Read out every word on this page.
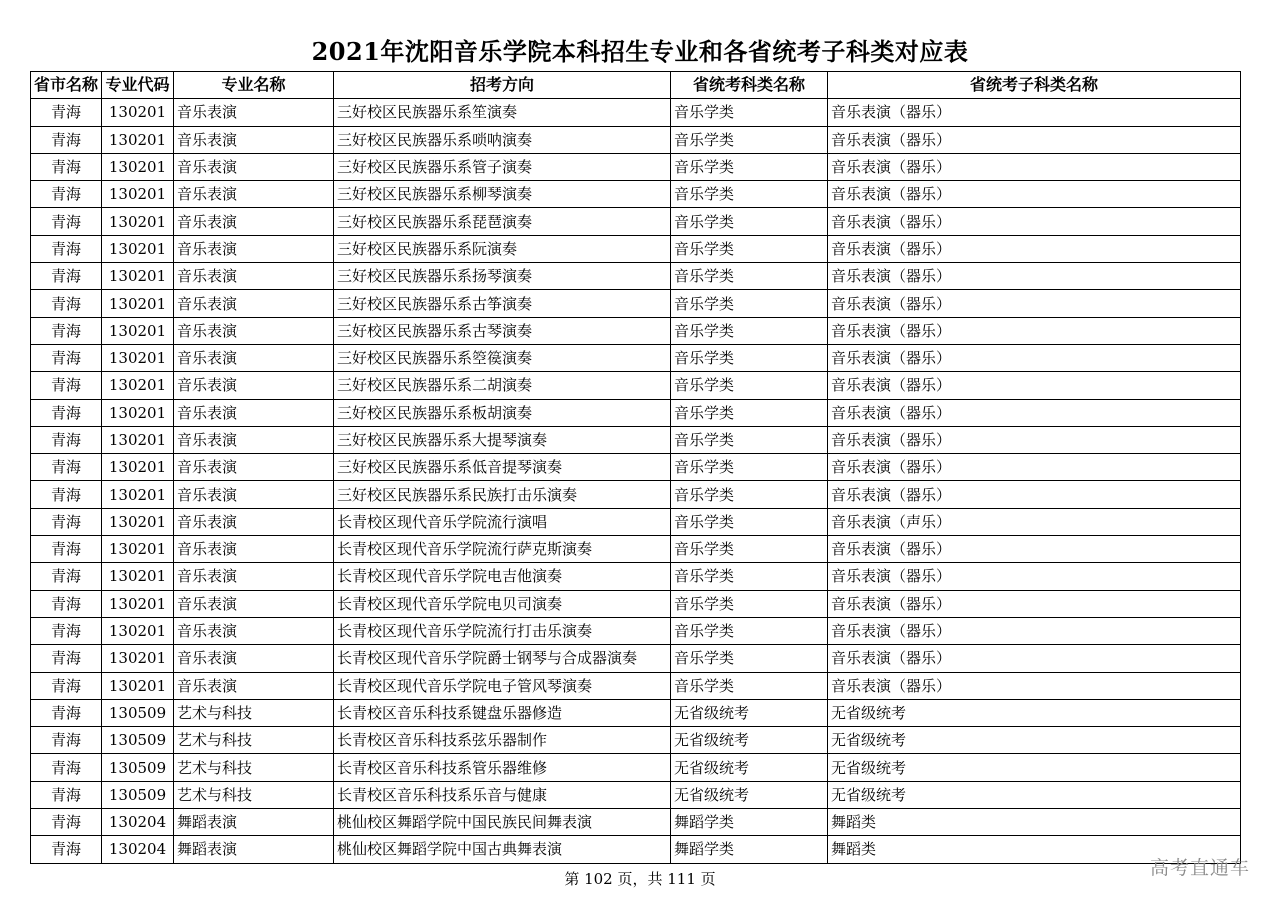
2021年沈阳音乐学院本科招生专业和各省统考子科类对应表
省市名称	专业代码	专业名称	招考方向	省统考科类名称	省统考子科类名称
青海	130201	音乐表演	三好校区民族器乐系笙演奏	音乐学类	音乐表演（器乐）
青海	130201	音乐表演	三好校区民族器乐系唢呐演奏	音乐学类	音乐表演（器乐）
青海	130201	音乐表演	三好校区民族器乐系管子演奏	音乐学类	音乐表演（器乐）
青海	130201	音乐表演	三好校区民族器乐系柳琴演奏	音乐学类	音乐表演（器乐）
青海	130201	音乐表演	三好校区民族器乐系琵琶演奏	音乐学类	音乐表演（器乐）
青海	130201	音乐表演	三好校区民族器乐系阮演奏	音乐学类	音乐表演（器乐）
青海	130201	音乐表演	三好校区民族器乐系扬琴演奏	音乐学类	音乐表演（器乐）
青海	130201	音乐表演	三好校区民族器乐系古筝演奏	音乐学类	音乐表演（器乐）
青海	130201	音乐表演	三好校区民族器乐系古琴演奏	音乐学类	音乐表演（器乐）
青海	130201	音乐表演	三好校区民族器乐系箜篌演奏	音乐学类	音乐表演（器乐）
青海	130201	音乐表演	三好校区民族器乐系二胡演奏	音乐学类	音乐表演（器乐）
青海	130201	音乐表演	三好校区民族器乐系板胡演奏	音乐学类	音乐表演（器乐）
青海	130201	音乐表演	三好校区民族器乐系大提琴演奏	音乐学类	音乐表演（器乐）
青海	130201	音乐表演	三好校区民族器乐系低音提琴演奏	音乐学类	音乐表演（器乐）
青海	130201	音乐表演	三好校区民族器乐系民族打击乐演奏	音乐学类	音乐表演（器乐）
青海	130201	音乐表演	长青校区现代音乐学院流行演唱	音乐学类	音乐表演（声乐）
青海	130201	音乐表演	长青校区现代音乐学院流行萨克斯演奏	音乐学类	音乐表演（器乐）
青海	130201	音乐表演	长青校区现代音乐学院电吉他演奏	音乐学类	音乐表演（器乐）
青海	130201	音乐表演	长青校区现代音乐学院电贝司演奏	音乐学类	音乐表演（器乐）
青海	130201	音乐表演	长青校区现代音乐学院流行打击乐演奏	音乐学类	音乐表演（器乐）
青海	130201	音乐表演	长青校区现代音乐学院爵士钢琴与合成器演奏	音乐学类	音乐表演（器乐）
青海	130201	音乐表演	长青校区现代音乐学院电子管风琴演奏	音乐学类	音乐表演（器乐）
青海	130509	艺术与科技	长青校区音乐科技系键盘乐器修造	无省级统考	无省级统考
青海	130509	艺术与科技	长青校区音乐科技系弦乐器制作	无省级统考	无省级统考
青海	130509	艺术与科技	长青校区音乐科技系管乐器维修	无省级统考	无省级统考
青海	130509	艺术与科技	长青校区音乐科技系乐音与健康	无省级统考	无省级统考
青海	130204	舞蹈表演	桃仙校区舞蹈学院中国民族民间舞表演	舞蹈学类	舞蹈类
青海	130204	舞蹈表演	桃仙校区舞蹈学院中国古典舞表演	舞蹈学类	舞蹈类
第 102 页，共 111 页	高考直通车
